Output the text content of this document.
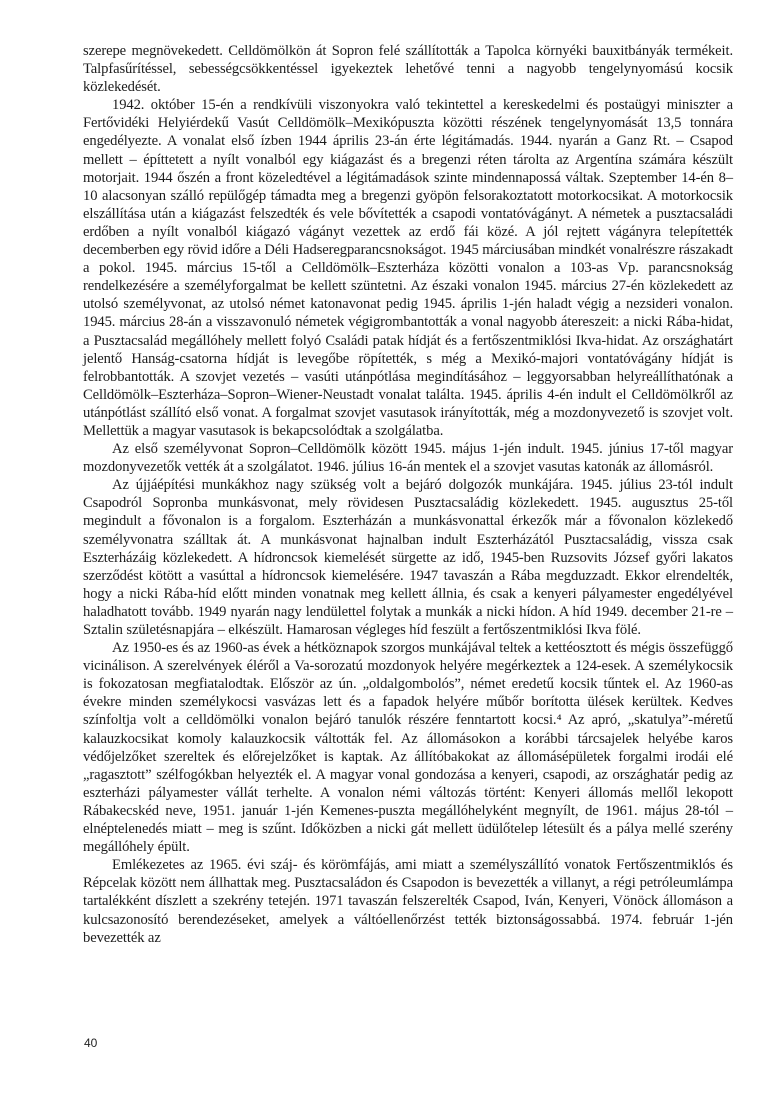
szerepe megnövekedett. Celldömölkön át Sopron felé szállították a Tapolca környéki bauxitbányák termékeit. Talpfasűrítéssel, sebességcsökkentéssel igyekeztek lehetővé tenni a nagyobb tengelynyomású kocsik közlekedését.

1942. október 15-én a rendkívüli viszonyokra való tekintettel a kereskedelmi és postaügyi miniszter a Fertővidéki Helyiérdekű Vasút Celldömölk–Mexikópuszta közötti részének tengelynyomását 13,5 tonnára engedélyezte. A vonalat első ízben 1944 április 23-án érte légitámadás. 1944. nyarán a Ganz Rt. – Csapod mellett – építtetett a nyílt vonalból egy kiágazást és a bregenzi réten tárolta az Argentína számára készült motorjait. 1944 őszén a front közeledtével a légitámadások szinte mindennapossá váltak. Szeptember 14-én 8–10 alacsonyan szálló repülőgép támadta meg a bregenzi gyöpön felsorakoztatott motorkocsikat. A motorkocsik elszállítása után a kiágazást felszedték és vele bővítették a csapodi vontatóvágányt. A németek a pusztacsaládi erdőben a nyílt vonalból kiágazó vágányt vezettek az erdő fái közé. A jól rejtett vágányra telepítették decemberben egy rövid időre a Déli Hadseregparancsnokságot. 1945 márciusában mindkét vonalrészre rászakadt a pokol. 1945. március 15-től a Celldömölk–Eszterháza közötti vonalon a 103-as Vp. parancsnokság rendelkezésére a személyforgalmat be kellett szüntetni. Az északi vonalon 1945. március 27-én közlekedett az utolsó személyvonat, az utolsó német katonavonat pedig 1945. április 1-jén haladt végig a nezsideri vonalon. 1945. március 28-án a visszavonuló németek végigrombantották a vonal nagyobb átereszeit: a nicki Rába-hidat, a Pusztacsalád megállóhely mellett folyó Családi patak hídját és a fertőszentmiklósi Ikva-hidat. Az országhatárt jelentő Hanság-csatorna hídját is levegőbe röpítették, s még a Mexikó-majori vontatóvágány hídját is felrobbantották. A szovjet vezetés – vasúti utánpótlása megindításához – leggyorsabban helyreállíthatónak a Celldömölk–Eszterháza–Sopron–Wiener-Neustadt vonalat találta. 1945. április 4-én indult el Celldömölkről az utánpótlást szállító első vonat. A forgalmat szovjet vasutasok irányították, még a mozdonyvezető is szovjet volt. Mellettük a magyar vasutasok is bekapcsolódtak a szolgálatba.

Az első személyvonat Sopron–Celldömölk között 1945. május 1-jén indult. 1945. június 17-től magyar mozdonyvezetők vették át a szolgálatot. 1946. július 16-án mentek el a szovjet vasutas katonák az állomásról.

Az újjáépítési munkákhoz nagy szükség volt a bejáró dolgozók munkájára. 1945. július 23-tól indult Csapodról Sopronba munkásvonat, mely rövidesen Pusztacsaládig közlekedett. 1945. augusztus 25-től megindult a fővonalon is a forgalom. Eszterházán a munkásvonattal érkezők már a fővonalon közlekedő személyvonatra szálltak át. A munkásvonat hajnalban indult Eszterházától Pusztacsaládig, vissza csak Eszterházáig közlekedett. A hídroncsok kiemelését sürgette az idő, 1945-ben Ruzsovits József győri lakatos szerződést kötött a vasúttal a hídroncsok kiemelésére. 1947 tavaszán a Rába megduzzadt. Ekkor elrendelték, hogy a nicki Rába-híd előtt minden vonatnak meg kellett állnia, és csak a kenyeri pályamester engedélyével haladhatott tovább. 1949 nyarán nagy lendülettel folytak a munkák a nicki hídon. A híd 1949. december 21-re – Sztalin születésnapjára – elkészült. Hamarosan végleges híd feszült a fertőszentmiklósi Ikva fölé.

Az 1950-es és az 1960-as évek a hétköznapok szorgos munkájával teltek a kettéosztott és mégis összefüggő vicinálison. A szerelvények éléről a Va-sorozatú mozdonyok helyére megérkeztek a 124-esek. A személykocsik is fokozatosan megfiatalodtak. Először az ún. „oldalgombolós”, német eredetű kocsik tűntek el. Az 1960-as évekre minden személykocsi vasvázas lett és a fapadok helyére műbőr borította ülések kerültek. Kedves színfoltja volt a celldömölki vonalon bejáró tanulók részére fenntartott kocsi.⁴ Az apró, „skatulya”-méretű kalauzkocsikat komoly kalauzkocsik váltották fel. Az állomásokon a korábbi tárcsajelek helyébe karos védőjelzőket szereltek és előrejelzőket is kaptak. Az állítóbakokat az állomásépületek forgalmi irodái elé „ragasztott” szélfogókban helyezték el. A magyar vonal gondozása a kenyeri, csapodi, az országhatár pedig az eszterházi pályamester vállát terhelte. A vonalon némi változás történt: Kenyeri állomás mellől lekopott Rábakecskéd neve, 1951. január 1-jén Kemenes-puszta megállóhelyként megnyílt, de 1961. május 28-tól – elnéptelenedés miatt – meg is szűnt. Időközben a nicki gát mellett üdülőtelep létesült és a pálya mellé szerény megállóhely épült.

Emlékezetes az 1965. évi száj- és körömfájás, ami miatt a személyszállító vonatok Fertőszentmiklós és Répcelak között nem állhattak meg. Pusztacsaládon és Csapodon is bevezették a villanyt, a régi petróleumlámpa tartalékként díszlett a szekrény tetején. 1971 tavaszán felszerelték Csapod, Iván, Kenyeri, Vönöck állomáson a kulcsazonosító berendezéseket, amelyek a váltóellenőrzést tették biztonságossabbá. 1974. február 1-jén bevezették az

40
